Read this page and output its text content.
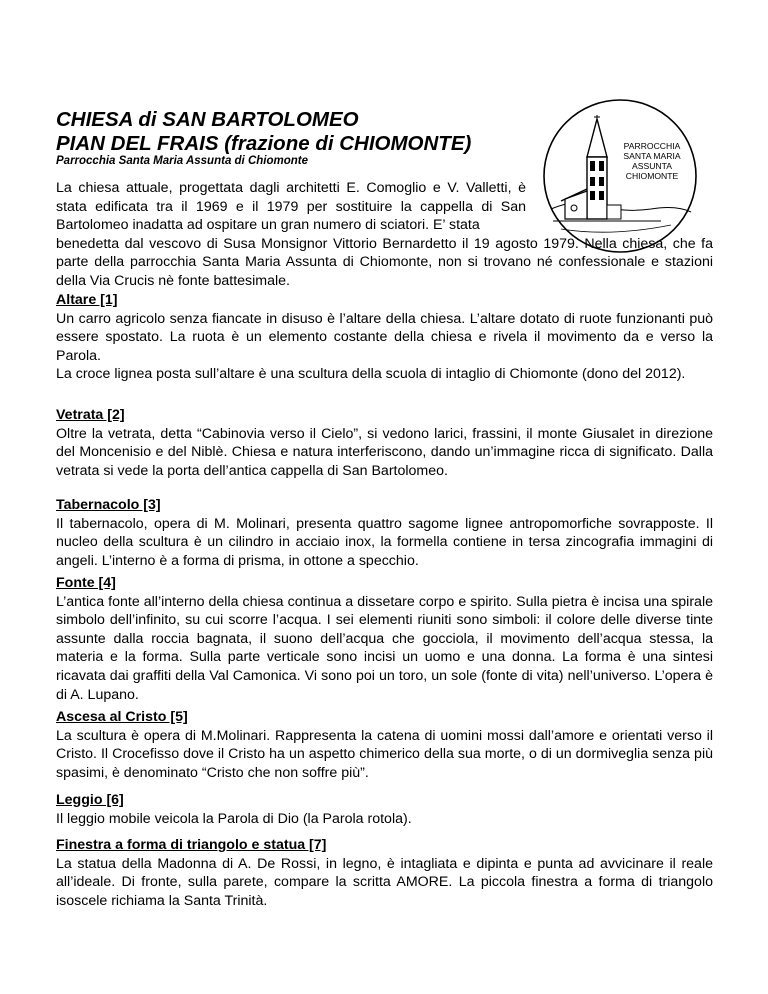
CHIESA di SAN BARTOLOMEO
PIAN DEL FRAIS (frazione di CHIOMONTE)
Parrocchia Santa Maria Assunta di Chiomonte
PARROCCHIA
SANTA MARIA
ASSUNTA
CHIOMONTE
La chiesa attuale, progettata dagli architetti E. Comoglio e V. Valletti, è stata edificata tra il 1969 e il 1979 per sostituire la cappella di San Bartolomeo inadatta ad ospitare un gran numero di sciatori. E’ stata
benedetta dal vescovo di Susa Monsignor Vittorio Bernardetto il 19 agosto 1979. Nella chiesa, che fa parte della parrocchia Santa Maria Assunta di Chiomonte, non si trovano né confessionale e stazioni della Via Crucis nè fonte battesimale.
Altare [1]
Un carro agricolo senza fiancate in disuso è l’altare della chiesa. L’altare dotato di ruote funzionanti può essere spostato. La ruota è un elemento costante della chiesa e rivela il movimento da e verso la Parola.
La croce lignea posta sull’altare è una scultura della scuola di intaglio di Chiomonte (dono del 2012).
Vetrata [2]
Oltre la vetrata, detta “Cabinovia verso il Cielo”, si vedono larici, frassini, il monte Giusalet in direzione del Moncenisio e del Niblè. Chiesa e natura interferiscono, dando un’immagine ricca di significato. Dalla vetrata si vede la porta dell’antica cappella di San Bartolomeo.
Tabernacolo [3]
Il tabernacolo, opera di M. Molinari, presenta quattro sagome lignee antropomorfiche sovrapposte. Il nucleo della scultura è un cilindro in acciaio inox, la formella contiene in tersa zincografia immagini di angeli. L’interno è a forma di prisma, in ottone a specchio.
Fonte [4]
L’antica fonte all’interno della chiesa continua a dissetare corpo e spirito. Sulla pietra è incisa una spirale simbolo dell’infinito, su cui scorre l’acqua. I sei elementi riuniti sono simboli: il colore delle diverse tinte assunte dalla roccia bagnata, il suono dell’acqua che gocciola, il movimento dell’acqua stessa, la materia e la forma. Sulla parte verticale sono incisi un uomo e una donna. La forma è una sintesi ricavata dai graffiti della Val Camonica. Vi sono poi un toro, un sole (fonte di vita) nell’universo. L’opera è di A. Lupano.
Ascesa al Cristo [5]
La scultura è opera di M.Molinari. Rappresenta la catena di uomini mossi dall’amore e orientati verso il Cristo. Il Crocefisso dove il Cristo ha un aspetto chimerico della sua morte, o di un dormiveglia senza più spasimi, è denominato “Cristo che non soffre più”.
Leggio [6]
Il leggio mobile veicola la Parola di Dio (la Parola rotola).
Finestra a forma di triangolo e statua [7]
La statua della Madonna di A. De Rossi, in legno, è intagliata e dipinta e punta ad avvicinare il reale all’ideale. Di fronte, sulla parete, compare la scritta AMORE. La piccola finestra a forma di triangolo isoscele richiama la Santa Trinità.
